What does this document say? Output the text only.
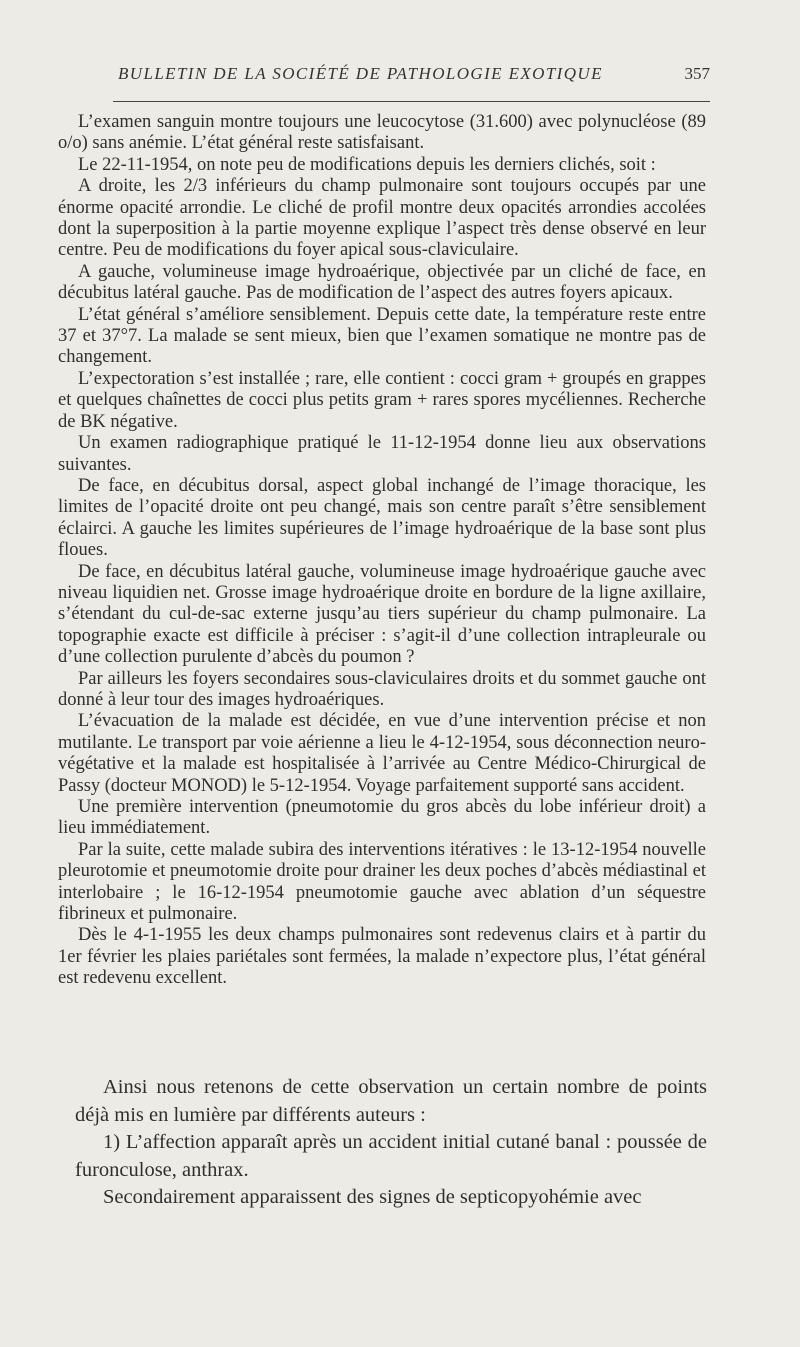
BULLETIN DE LA SOCIÉTÉ DE PATHOLOGIE EXOTIQUE	357

L’examen sanguin montre toujours une leucocytose (31.600) avec polynucléose (89 o/o) sans anémie. L’état général reste satisfaisant.

Le 22-11-1954, on note peu de modifications depuis les derniers clichés, soit :

A droite, les 2/3 inférieurs du champ pulmonaire sont toujours occupés par une énorme opacité arrondie. Le cliché de profil montre deux opacités arrondies accolées dont la superposition à la partie moyenne explique l’aspect très dense observé en leur centre. Peu de modifications du foyer apical sous-claviculaire.

A gauche, volumineuse image hydroaérique, objectivée par un cliché de face, en décubitus latéral gauche. Pas de modification de l’aspect des autres foyers apicaux.

L’état général s’améliore sensiblement. Depuis cette date, la température reste entre 37 et 37°7. La malade se sent mieux, bien que l’examen somatique ne montre pas de changement.

L’expectoration s’est installée ; rare, elle contient : cocci gram + groupés en grappes et quelques chaînettes de cocci plus petits gram + rares spores mycéliennes. Recherche de BK négative.

Un examen radiographique pratiqué le 11-12-1954 donne lieu aux observations suivantes.

De face, en décubitus dorsal, aspect global inchangé de l’image thoracique, les limites de l’opacité droite ont peu changé, mais son centre paraît s’être sensiblement éclairci. A gauche les limites supérieures de l’image hydroaérique de la base sont plus floues.

De face, en décubitus latéral gauche, volumineuse image hydroaérique gauche avec niveau liquidien net. Grosse image hydroaérique droite en bordure de la ligne axillaire, s’étendant du cul-de-sac externe jusqu’au tiers supérieur du champ pulmonaire. La topographie exacte est difficile à préciser : s’agit-il d’une collection intrapleurale ou d’une collection purulente d’abcès du poumon ?

Par ailleurs les foyers secondaires sous-claviculaires droits et du sommet gauche ont donné à leur tour des images hydroaériques.

L’évacuation de la malade est décidée, en vue d’une intervention précise et non mutilante. Le transport par voie aérienne a lieu le 4-12-1954, sous déconnection neuro-végétative et la malade est hospitalisée à l’arrivée au Centre Médico-Chirurgical de Passy (docteur MONOD) le 5-12-1954. Voyage parfaitement supporté sans accident.

Une première intervention (pneumotomie du gros abcès du lobe inférieur droit) a lieu immédiatement.

Par la suite, cette malade subira des interventions itératives : le 13-12-1954 nouvelle pleurotomie et pneumotomie droite pour drainer les deux poches d’abcès médiastinal et interlobaire ; le 16-12-1954 pneumotomie gauche avec ablation d’un séquestre fibrineux et pulmonaire.

Dès le 4-1-1955 les deux champs pulmonaires sont redevenus clairs et à partir du 1er février les plaies pariétales sont fermées, la malade n’expectore plus, l’état général est redevenu excellent.

Ainsi nous retenons de cette observation un certain nombre de points déjà mis en lumière par différents auteurs :

1) L’affection apparaît après un accident initial cutané banal : poussée de furonculose, anthrax.

Secondairement apparaissent des signes de septicopyohémie avec
